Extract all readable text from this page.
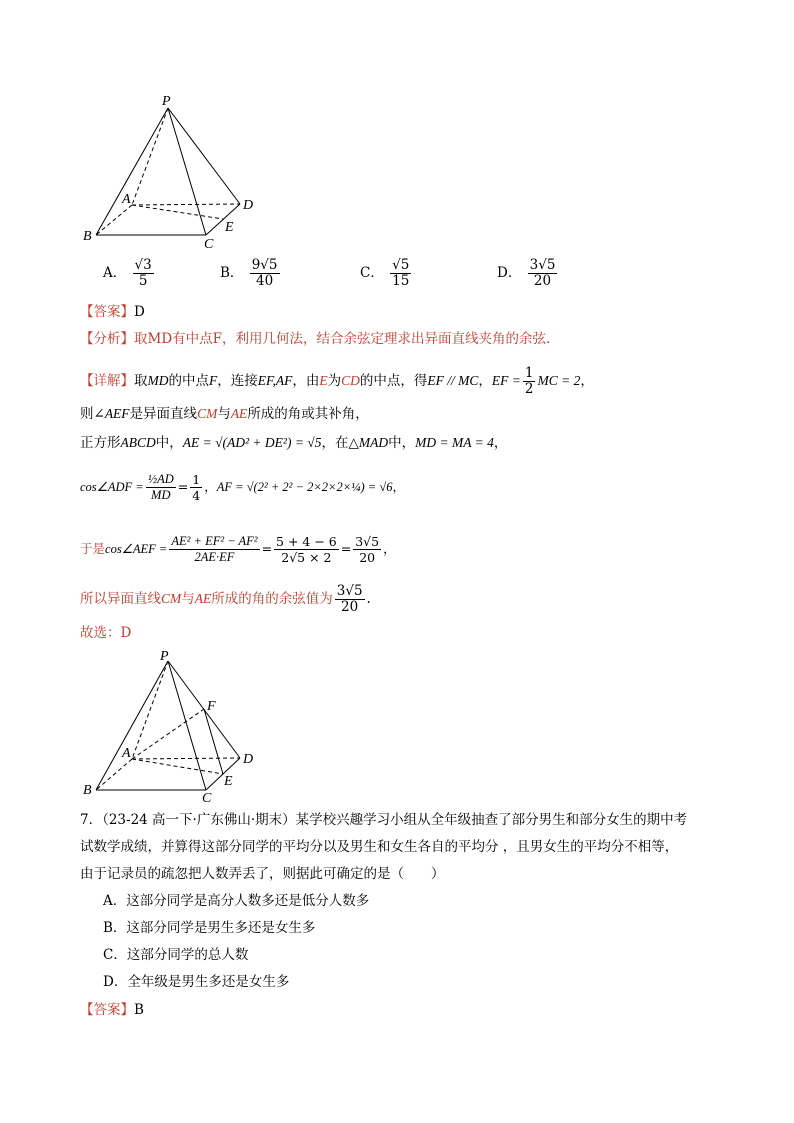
P
A
B
C
D
E
A． $\frac{√3}{5}$	B． $\frac{9√5}{40}$	C． $\frac{√5}{15}$	D． $\frac{3√5}{20}$
【答案】D
【分析】取MD有中点F，利用几何法，结合余弦定理求出异面直线夹角的余弦.
【详解】取MD的中点F，连接EF,AF，由E为CD的中点，得EF // MC，EF = $\frac{1}{2}$ MC = 2，
则∠AEF是异面直线CM与AE所成的角或其补角，
正方形ABCD中，AE = √(AD² + DE²) = √5，在△MAD中，MD = MA = 4，
cos∠ADF = $\frac{\text{½AD}}{MD} = \frac{1}{4}$ ，AF = √(2² + 2² − 2×2×2×¼) = √6，
于是cos∠AEF = $\frac{\text{AE² + EF² − AF²}}{2AE\cdot EF} = \frac{5 + 4 - 6}{2√5 \times 2} = \frac{3√5}{20}$ ，
所以异面直线CM与AE所成的角的余弦值为 $\frac{3√5}{20}$ .
故选：D
P
F
A
B
C
D
E
7．（23-24 高一下·广东佛山·期末）某学校兴趣学习小组从全年级抽查了部分男生和部分女生的期中考
试数学成绩，并算得这部分同学的平均分以及男生和女生各自的平均分 ，且男女生的平均分不相等，
由于记录员的疏忽把人数弄丢了，则据此可确定的是（　　）
A．这部分同学是高分人数多还是低分人数多
B．这部分同学是男生多还是女生多
C．这部分同学的总人数
D．全年级是男生多还是女生多
【答案】B
